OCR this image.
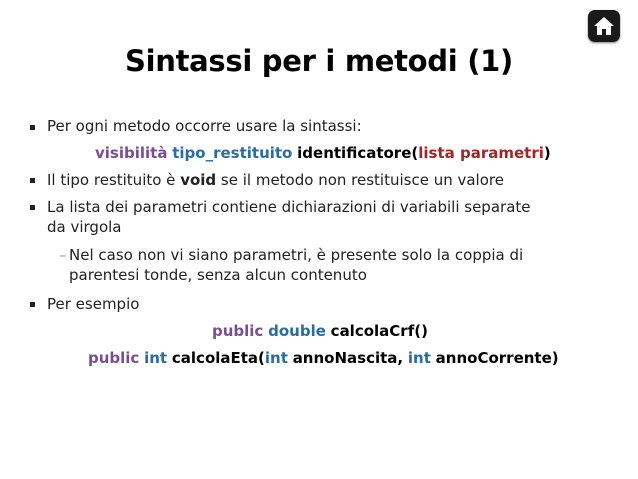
Sintassi per i metodi (1)
Per ogni metodo occorre usare la sintassi:
visibilità tipo_restituito identificatore(lista parametri)
Il tipo restituito è void se il metodo non restituisce un valore
La lista dei parametri contiene dichiarazioni di variabili separate
da virgola
– Nel caso non vi siano parametri, è presente solo la coppia di
parentesi tonde, senza alcun contenuto
Per esempio
public double calcolaCrf()
public int calcolaEta(int annoNascita, int annoCorrente)
